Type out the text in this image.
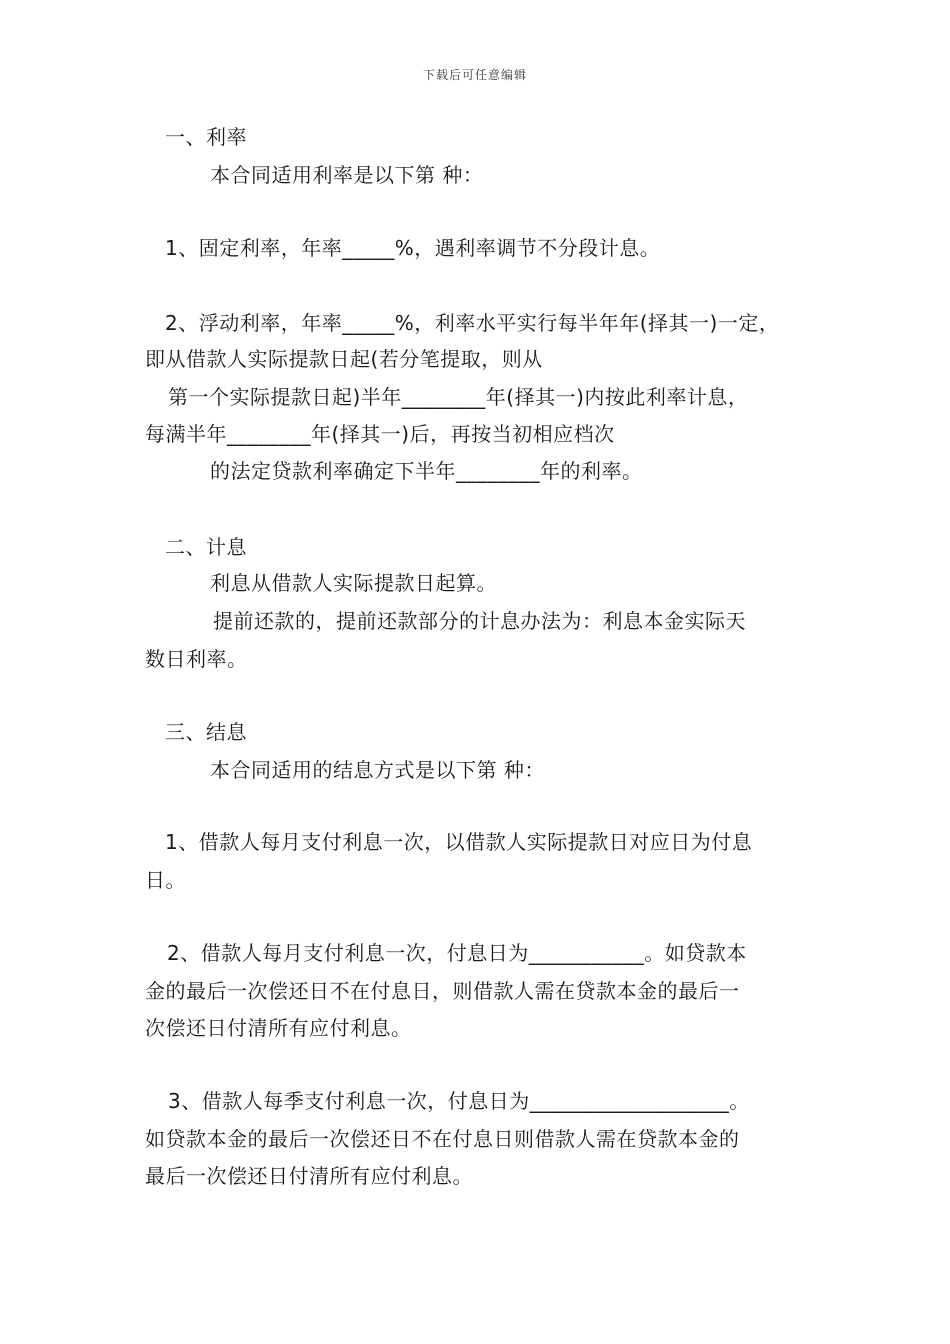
下载后可任意编辑
一、利率
本合同适用利率是以下第 种：
1、固定利率，年率_____%，遇利率调节不分段计息。
2、浮动利率，年率_____%，利率水平实行每半年年(择其一)一定，
即从借款人实际提款日起(若分笔提取，则从
第一个实际提款日起)半年________年(择其一)内按此利率计息，
每满半年________年(择其一)后，再按当初相应档次
的法定贷款利率确定下半年________年的利率。
二、计息
利息从借款人实际提款日起算。
提前还款的，提前还款部分的计息办法为：利息本金实际天
数日利率。
三、结息
本合同适用的结息方式是以下第 种：
1、借款人每月支付利息一次，以借款人实际提款日对应日为付息
日。
2、借款人每月支付利息一次，付息日为___________。如贷款本
金的最后一次偿还日不在付息日，则借款人需在贷款本金的最后一
次偿还日付清所有应付利息。
3、借款人每季支付利息一次，付息日为___________________。
如贷款本金的最后一次偿还日不在付息日则借款人需在贷款本金的
最后一次偿还日付清所有应付利息。
